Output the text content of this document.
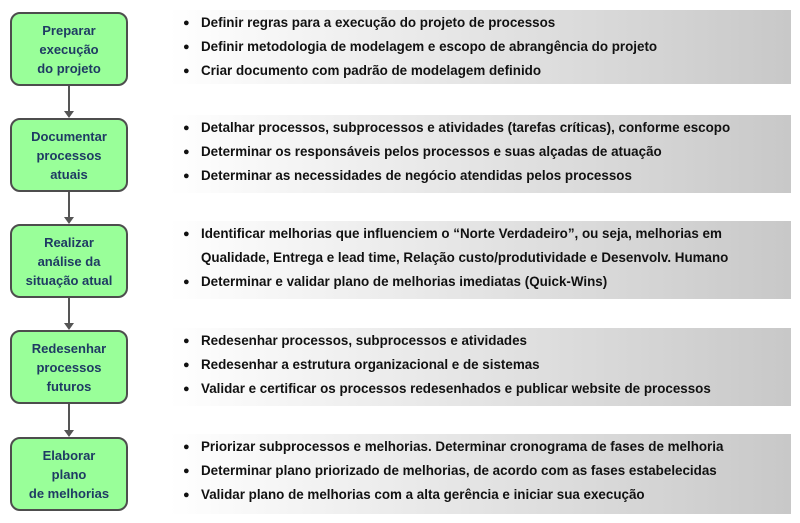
Preparar
execução
do projeto
● Definir regras para a execução do projeto de processos
● Definir metodologia de modelagem e escopo de abrangência do projeto
● Criar documento com padrão de modelagem definido
Documentar
processos
atuais
● Detalhar processos, subprocessos e atividades (tarefas críticas), conforme escopo
● Determinar os responsáveis pelos processos e suas alçadas de atuação
● Determinar as necessidades de negócio atendidas pelos processos
Realizar
análise da
situação atual
● Identificar melhorias que influenciem o “Norte Verdadeiro”, ou seja, melhorias em
Qualidade, Entrega e lead time, Relação custo/produtividade e Desenvolv. Humano
● Determinar e validar plano de melhorias imediatas (Quick-Wins)
Redesenhar
processos
futuros
● Redesenhar processos, subprocessos e atividades
● Redesenhar a estrutura organizacional e de sistemas
● Validar e certificar os processos redesenhados e publicar website de processos
Elaborar
plano
de melhorias
● Priorizar subprocessos e melhorias. Determinar cronograma de fases de melhoria
● Determinar plano priorizado de melhorias, de acordo com as fases estabelecidas
● Validar plano de melhorias com a alta gerência e iniciar sua execução
